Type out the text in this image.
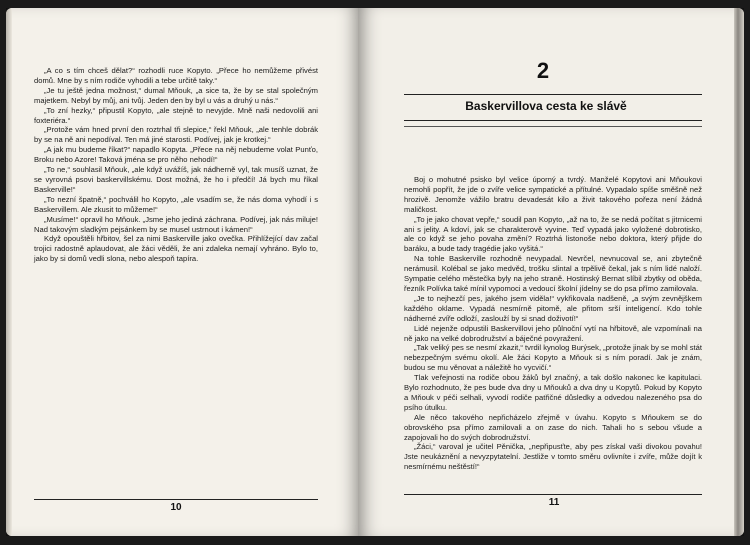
„A co s tím chceš dělat?“ rozhodli ruce Kopyto. „Přece ho nemůžeme přivést domů. Mne by s ním rodiče vyhodili a tebe určitě taky.“

„Je tu ještě jedna možnost,“ dumal Mňouk, „a sice ta, že by se stal společným majetkem. Nebyl by můj, ani tvůj. Jeden den by byl u vás a druhý u nás.“

„To zní hezky,“ připustil Kopyto, „ale stejně to nevyjde. Mně naši nedovolili ani foxteriéra.“

„Protože vám hned první den roztrhal tři slepice,“ řekl Mňouk, „ale tenhle dobrák by se na ně ani nepodíval. Ten má jiné starosti. Podívej, jak je krotkej.“

„A jak mu budeme říkat?“ napadlo Kopyta. „Přece na něj nebudeme volat Punťo, Broku nebo Azore! Taková jména se pro něho nehodí!“

„To ne,“ souhlasil Mňouk, „ale když uvážíš, jak nádherně vyl, tak musíš uznat, že se vyrovná psovi baskervillskému. Dost možná, že ho i předčí! Já bych mu říkal Baskerville!“

„To nezní špatně,“ pochválil ho Kopyto, „ale vsadím se, že nás doma vyhodí i s Baskervillem. Ale zkusit to můžeme!“

„Musíme!“ opravil ho Mňouk. „Jsme jeho jediná záchrana. Podívej, jak nás miluje! Nad takovým sladkým pejsánkem by se musel ustrnout i kámen!“

Když opouštěli hřbitov, šel za nimi Baskerville jako ovečka. Přihlížející dav začal trojici radostně aplaudovat, ale žáci věděli, že ani zdaleka nemají vyhráno. Bylo to, jako by si domů vedli slona, nebo alespoň tapíra.

10
2
Baskervillova cesta ke slávě

Boj o mohutné psisko byl velice úporný a tvrdý. Manželé Kopytovi ani Mňoukovi nemohli popřít, že jde o zvíře velice sympatické a přítulné. Vypadalo spíše směšně než hrozivě. Jenomže vážilo bratru devadesát kilo a živit takového pořeza není žádná maličkost.

„To je jako chovat vepře,“ soudil pan Kopyto, „až na to, že se nedá počítat s jitrnicemi ani s jelity. A kdoví, jak se charakterově vyvine. Teď vypadá jako vyložené dobrotisko, ale co když se jeho povaha změní? Roztrhá listonoše nebo doktora, který přijde do baráku, a bude tady tragédie jako vyšitá.“

Na tohle Baskerville rozhodně nevypadal. Nevrčel, nevnucoval se, ani zbytečně nerámusil. Kolébal se jako medvěd, trošku slintal a trpělivě čekal, jak s ním lidé naloží. Sympatie celého městečka byly na jeho straně. Hostinský Bernat slíbil zbytky od oběda, řezník Polívka také mínil vypomoci a vedoucí školní jídelny se do psa přímo zamilovala.

„Je to nejhezčí pes, jakého jsem viděla!“ vykřikovala nadšeně, „a svým zevnějškem každého oklame. Vypadá nesmírně pitomě, ale přitom srší inteligencí. Kdo tohle nádherné zvíře odloží, zaslouží by si snad doživotí!“

Lidé nejenže odpustili Baskervillovi jeho půlnoční vytí na hřbitově, ale vzpomínali na ně jako na velké dobrodružství a báječné povyražení.

„Tak veliký pes se nesmí zkazit,“ tvrdil kynolog Burýsek, „protože jinak by se mohl stát nebezpečným svému okolí. Ale žáci Kopyto a Mňouk si s ním poradí. Jak je znám, budou se mu věnovat a náležitě ho vycvičí.“

Tlak veřejnosti na rodiče obou žáků byl značný, a tak došlo nakonec ke kapitulaci. Bylo rozhodnuto, že pes bude dva dny u Mňouků a dva dny u Kopytů. Pokud by Kopyto a Mňouk v péči selhali, vyvodí rodiče patřičné důsledky a odvedou nalezeného psa do psího útulku.

Ale něco takového nepřicházelo zřejmě v úvahu. Kopyto s Mňoukem se do obrovského psa přímo zamilovali a on zase do nich. Tahali ho s sebou všude a zapojovali ho do svých dobrodružství.

„Žáci,“ varoval je učitel Pěnička, „nepřipusťte, aby pes získal vaši divokou povahu! Jste neukáznění a nevyzpytatelní. Jestliže v tomto směru ovlivníte i zvíře, může dojít k nesmírnému neštěstí!“

11
